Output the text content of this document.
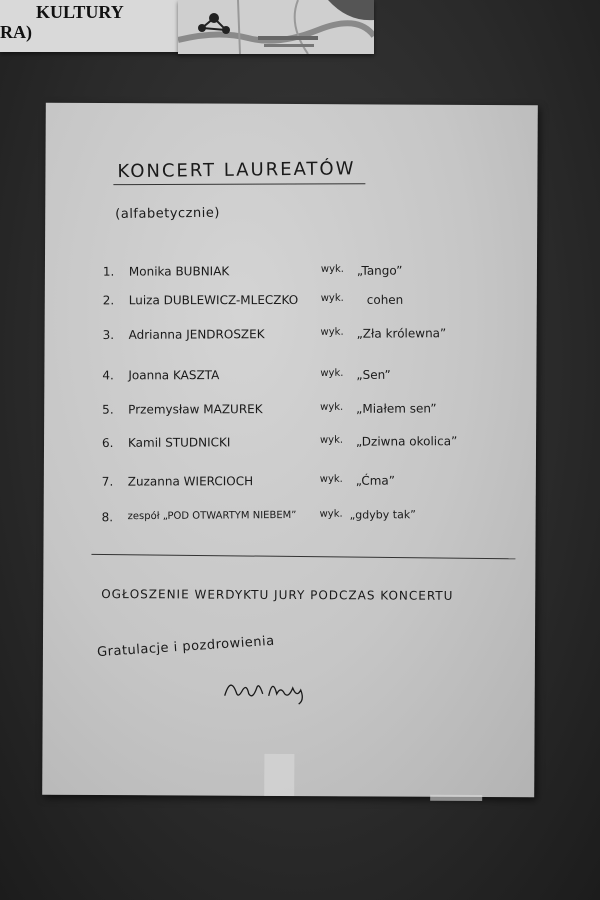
KULTURY
RA)
KONCERT LAUREATÓW
(alfabetycznie)
1. Monika BUBNIAK	wyk. „Tango”
2. Luiza DUBLEWICZ-MLECZKO wyk. cohen
3. Adrianna JENDROSZEK	wyk. „Zła królewna”
4. Joanna KASZTA	wyk. „Sen”
5. Przemysław MAZUREK	wyk. „Miałem sen”
6. Kamil STUDNICKI	wyk. „Dziwna okolica”
7. Zuzanna WIERCIOCH	wyk. „Ćma”
8. zespół „POD OTWARTYM NIEBEM” wyk. „gdyby tak”
OGŁOSZENIE WERDYKTU JURY PODCZAS KONCERTU
Gratulacje i pozdrowienia
